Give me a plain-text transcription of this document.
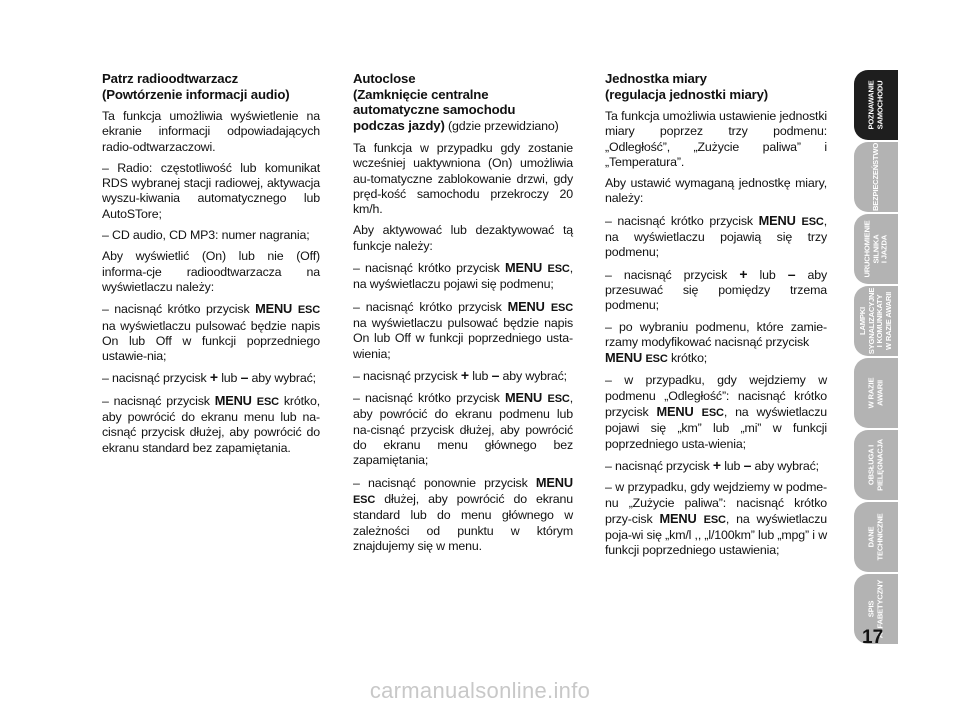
Patrz radioodtwarzacz
(Powtórzenie informacji audio)

Ta funkcja umożliwia wyświetlenie na ekranie informacji odpowiadających radio-odtwarzaczowi.

– Radio: częstotliwość lub komunikat RDS wybranej stacji radiowej, aktywacja wyszu-kiwania automatycznego lub AutoSTore;

– CD audio, CD MP3: numer nagrania;

Aby wyświetlić (On) lub nie (Off) informa-cje radioodtwarzacza na wyświetlaczu należy:

– nacisnąć krótko przycisk MENU ESC na wyświetlaczu pulsować będzie napis On lub Off w funkcji poprzedniego ustawie-nia;

– nacisnąć przycisk + lub – aby wybrać;

– nacisnąć przycisk MENU ESC krótko, aby powrócić do ekranu menu lub na-cisnąć przycisk dłużej, aby powrócić do ekranu standard bez zapamiętania.

Autoclose
(Zamknięcie centralne
automatyczne samochodu
podczas jazdy) (gdzie przewidziano)

Ta funkcja w przypadku gdy zostanie wcześniej uaktywniona (On) umożliwia au-tomatyczne zablokowanie drzwi, gdy pręd-kość samochodu przekroczy 20 km/h.

Aby aktywować lub dezaktywować tą funkcje należy:

– nacisnąć krótko przycisk MENU ESC, na wyświetlaczu pojawi się podmenu;

– nacisnąć krótko przycisk MENU ESC na wyświetlaczu pulsować będzie napis On lub Off w funkcji poprzedniego usta-wienia;

– nacisnąć przycisk + lub – aby wybrać;

– nacisnąć krótko przycisk MENU ESC, aby powrócić do ekranu podmenu lub na-cisnąć przycisk dłużej, aby powrócić do ekranu menu głównego bez zapamiętania;

– nacisnąć ponownie przycisk MENU ESC dłużej, aby powrócić do ekranu standard lub do menu głównego w zależności od punktu w którym znajdujemy się w menu.

Jednostka miary
(regulacja jednostki miary)

Ta funkcja umożliwia ustawienie jednostki miary poprzez trzy podmenu: „Odległość”, „Zużycie paliwa” i „Temperatura”.

Aby ustawić wymaganą jednostkę miary, należy:

– nacisnąć krótko przycisk MENU ESC, na wyświetlaczu pojawią się trzy podmenu;

– nacisnąć przycisk + lub – aby przesuwać się pomiędzy trzema podmenu;

– po wybraniu podmenu, które zamie-rzamy modyfikować nacisnąć przycisk

MENU ESC krótko;

– w przypadku, gdy wejdziemy w podmenu „Odległość”: nacisnąć krótko przycisk MENU ESC, na wyświetlaczu pojawi się „km” lub „mi” w funkcji poprzedniego usta-wienia;

– nacisnąć przycisk + lub – aby wybrać;

– w przypadku, gdy wejdziemy w podme-nu „Zużycie paliwa”: nacisnąć krótko przy-cisk MENU ESC, na wyświetlaczu poja-wi się „km/l ,, „l/100km” lub „mpg” i w funkcji poprzedniego ustawienia;

POZNAWANIE
SAMOCHODU
BEZPIECZEŃSTWO
URUCHOMIENIE
SILNIKA
I JAZDA
LAMPKI
SYGNALIZACYJNE
I KOMUNIKATY
W RAZIE AWARII
W RAZIE
AWARII
OBSŁUGA I
PIELĘGNACJA
DANE
TECHNICZNE
SPIS
ALFABETYCZNY
17
carmanualsonline.info
